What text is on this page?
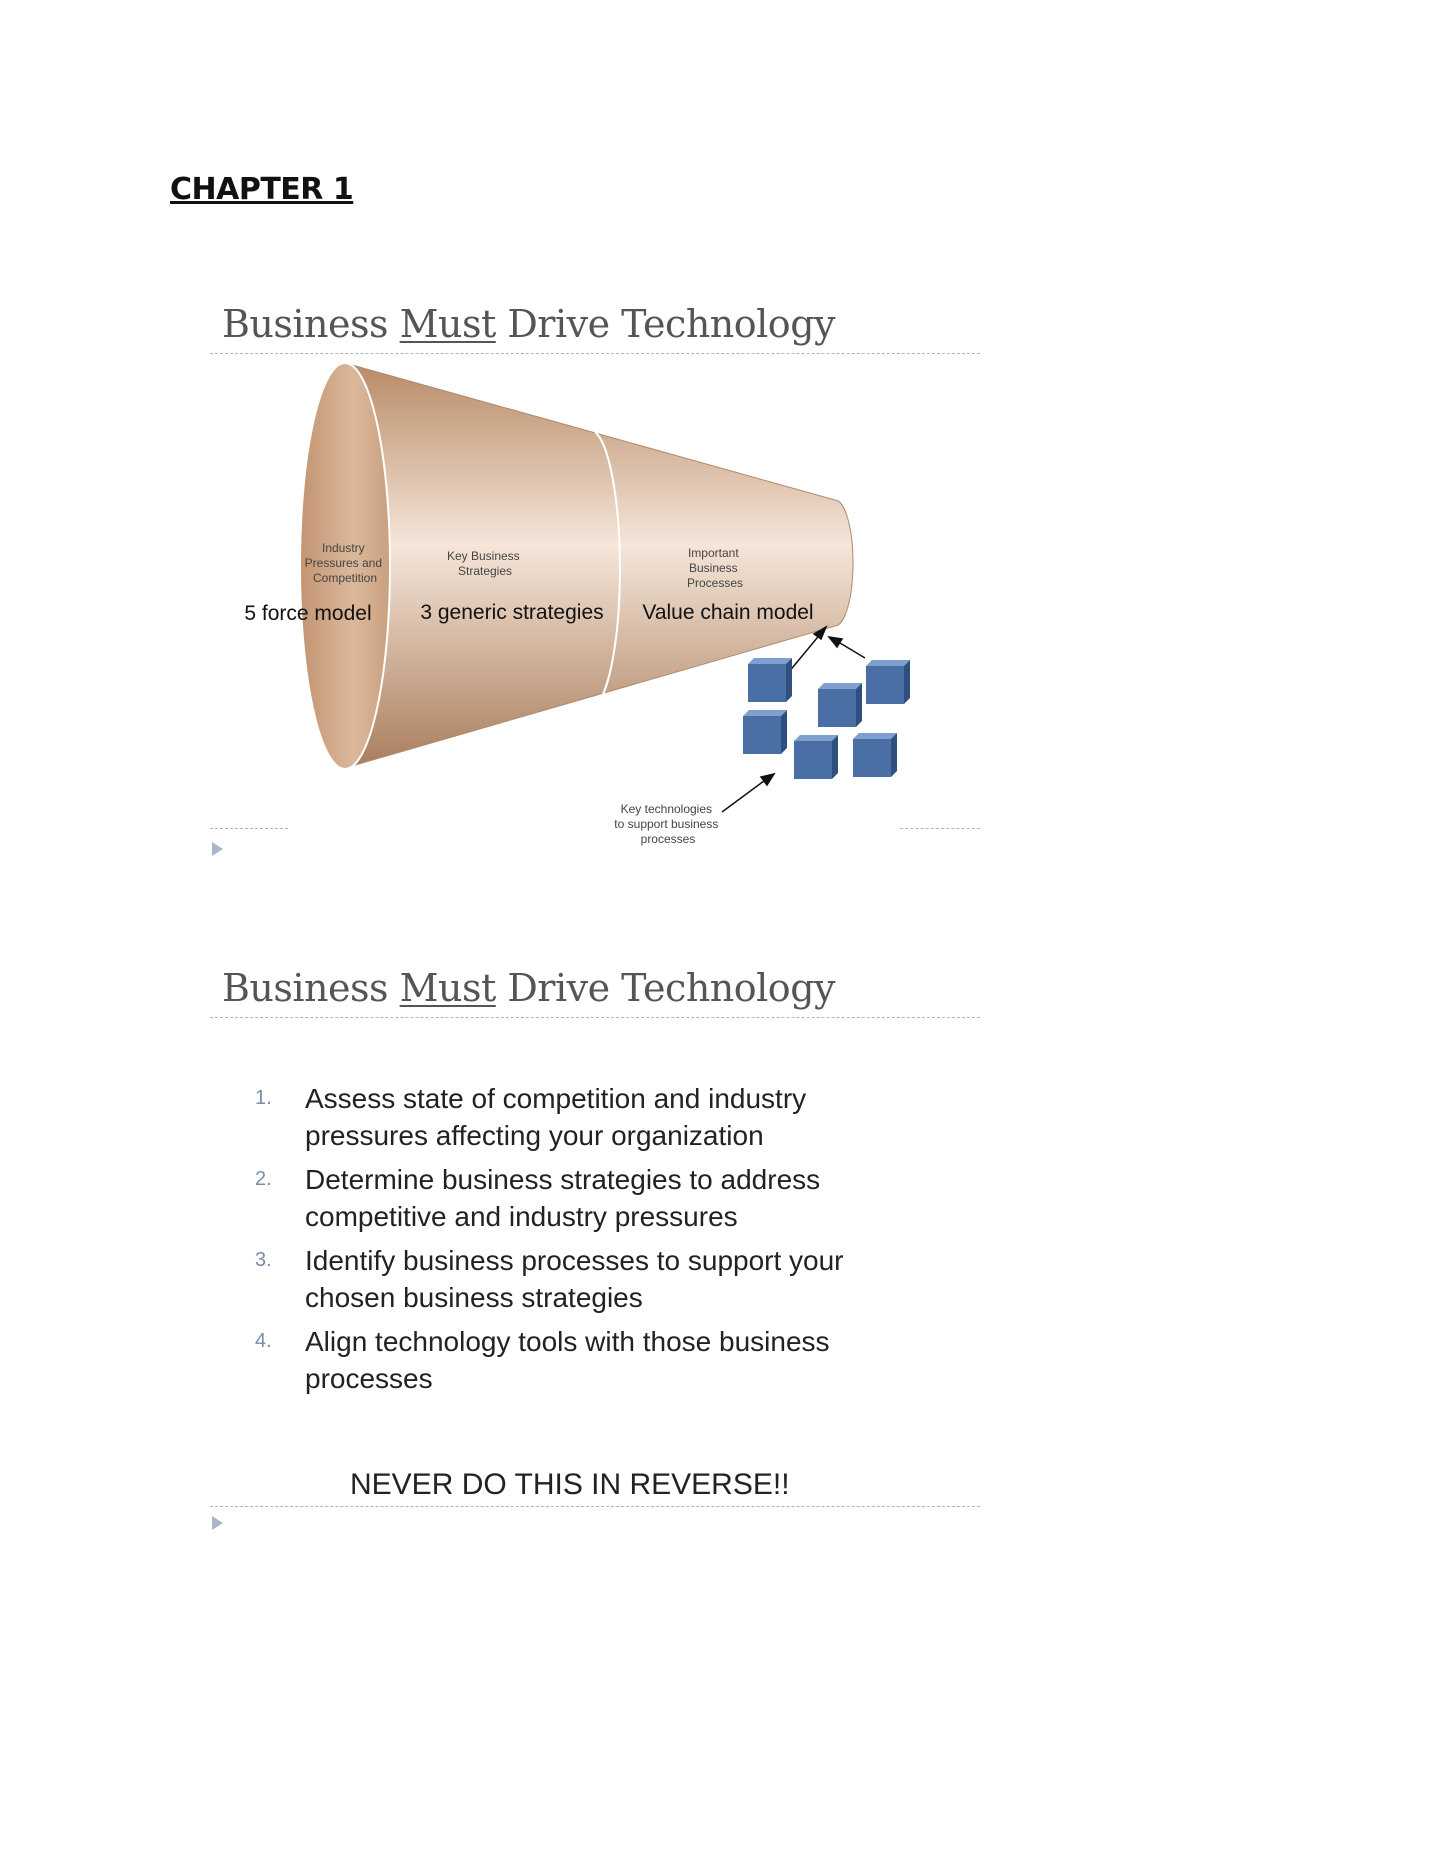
CHAPTER 1
Business Must Drive Technology
Industry Pressures and Competition
Key Business Strategies
Important Business Processes
5 force model 3 generic strategies Value chain model
Key technologies to support business processes
Business Must Drive Technology
1. Assess state of competition and industry
pressures affecting your organization
2. Determine business strategies to address
competitive and industry pressures
3. Identify business processes to support your
chosen business strategies
4. Align technology tools with those business
processes
NEVER DO THIS IN REVERSE!!
